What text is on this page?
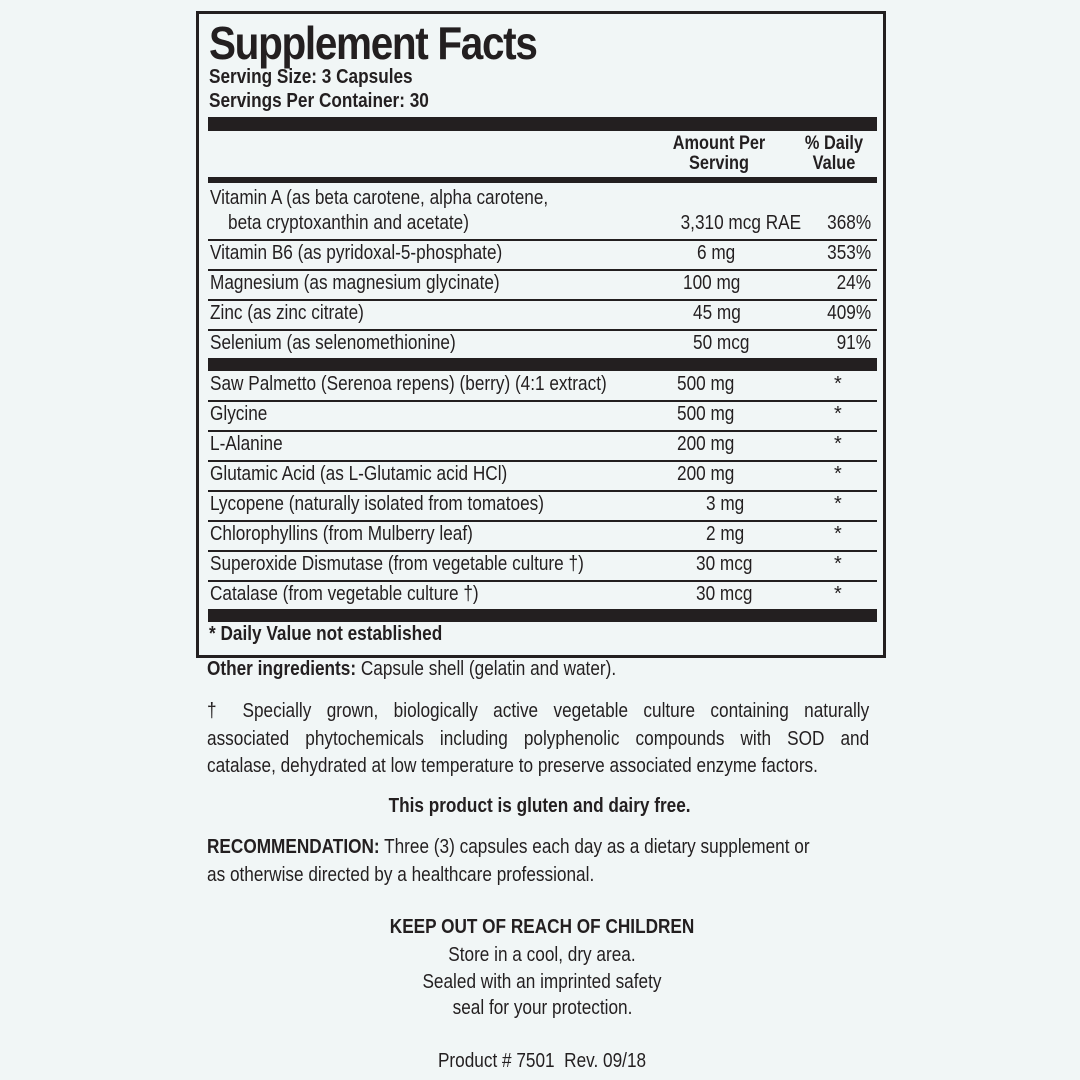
Supplement Facts
Serving Size: 3 Capsules
Servings Per Container: 30
Amount Per
Serving
% Daily
Value
Vitamin A (as beta carotene, alpha carotene,
beta cryptoxanthin and acetate)	3,310 mcg RAE 368%
Vitamin B6 (as pyridoxal-5-phosphate)	6 mg	353%
Magnesium (as magnesium glycinate)	100 mg	24%
Zinc (as zinc citrate)	45 mg	409%
Selenium (as selenomethionine)	50 mcg	91%
Saw Palmetto (Serenoa repens) (berry) (4:1 extract)	500 mg	*
Glycine	500 mg	*
L-Alanine	200 mg	*
Glutamic Acid (as L-Glutamic acid HCl)	200 mg	*
Lycopene (naturally isolated from tomatoes)	3 mg	*
Chlorophyllins (from Mulberry leaf)	2 mg	*
Superoxide Dismutase (from vegetable culture †)	30 mcg	*
Catalase (from vegetable culture †)	30 mcg	*
* Daily Value not established
Other ingredients: Capsule shell (gelatin and water).
† Specially grown, biologically active vegetable culture containing naturally
associated phytochemicals including polyphenolic compounds with SOD and
catalase, dehydrated at low temperature to preserve associated enzyme factors.
This product is gluten and dairy free.
RECOMMENDATION: Three (3) capsules each day as a dietary supplement or
as otherwise directed by a healthcare professional.
KEEP OUT OF REACH OF CHILDREN
Store in a cool, dry area.
Sealed with an imprinted safety
seal for your protection.
Product # 7501  Rev. 09/18
